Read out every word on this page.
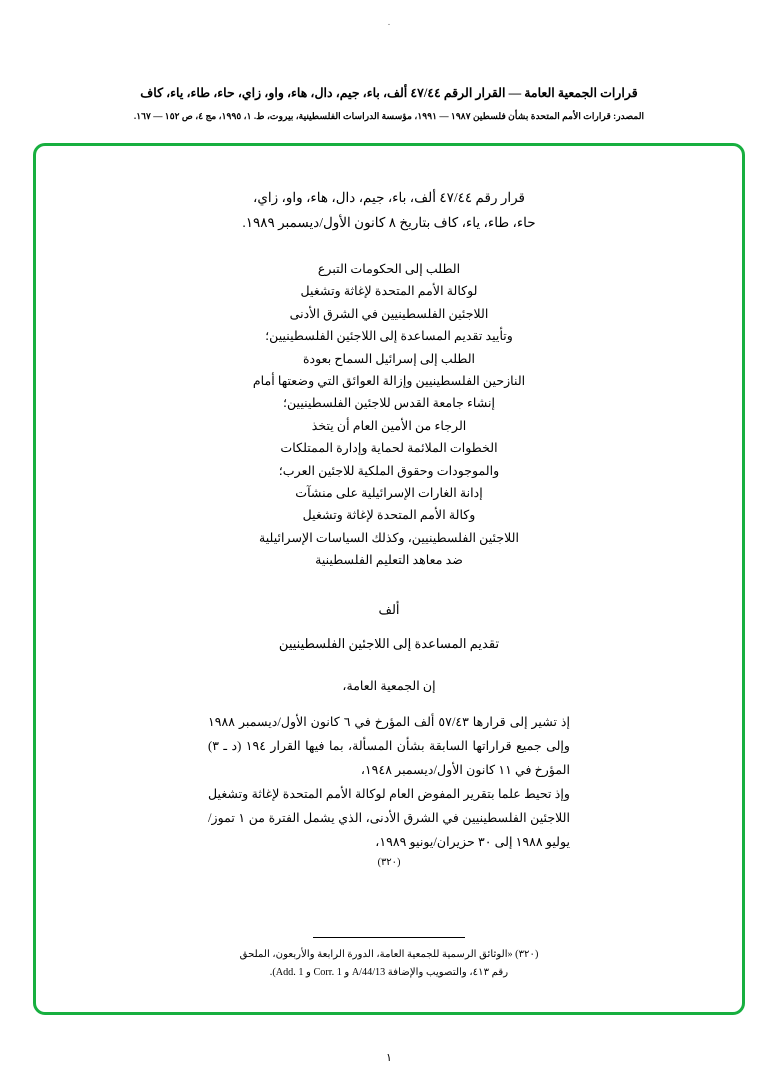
.
قرارات الجمعية العامة — القرار الرقم ٤٧/٤٤ ألف، باء، جيم، دال، هاء، واو، زاي، حاء، طاء، ياء، كاف
المصدر: قرارات الأمم المتحدة بشأن فلسطين ١٩٨٧ — ١٩٩١، مؤسسة الدراسات الفلسطينية، بيروت، ط. ١، ١٩٩٥، مج ٤، ص ١٥٢ — ١٦٧.
قرار رقم ٤٧/٤٤ ألف، باء، جيم، دال، هاء، واو، زاي،
حاء، طاء، ياء، كاف بتاريخ ٨ كانون الأول/ديسمبر ١٩٨٩.
الطلب إلى الحكومات التبرع
لوكالة الأمم المتحدة لإغاثة وتشغيل
اللاجئين الفلسطينيين في الشرق الأدنى
وتأييد تقديم المساعدة إلى اللاجئين الفلسطينيين؛
الطلب إلى إسرائيل السماح بعودة
النازحين الفلسطينيين وإزالة العوائق التي وضعتها أمام
إنشاء جامعة القدس للاجئين الفلسطينيين؛
الرجاء من الأمين العام أن يتخذ
الخطوات الملائمة لحماية وإدارة الممتلكات
والموجودات وحقوق الملكية للاجئين العرب؛
إدانة الغارات الإسرائيلية على منشآت
وكالة الأمم المتحدة لإغاثة وتشغيل
اللاجئين الفلسطينيين، وكذلك السياسات الإسرائيلية
ضد معاهد التعليم الفلسطينية
ألف
تقديم المساعدة إلى اللاجئين الفلسطينيين
إن الجمعية العامة،

إذ تشير إلى قرارها ٥٧/٤٣ ألف المؤرخ في ٦ كانون الأول/ديسمبر ١٩٨٨ وإلى جميع قراراتها السابقة بشأن المسألة، بما فيها القرار ١٩٤ (د ـ ٣) المؤرخ في ١١ كانون الأول/ديسمبر ١٩٤٨،

وإذ تحيط علما بتقرير المفوض العام لوكالة الأمم المتحدة لإغاثة وتشغيل اللاجئين الفلسطينيين في الشرق الأدنى، الذي يشمل الفترة من ١ تموز/يوليو ١٩٨٨ إلى ٣٠ حزيران/يونيو ١٩٨٩،

(٣٢٠)
(٣٢٠) «الوثائق الرسمية للجمعية العامة، الدورة الرابعة والأربعون، الملحق
رقم ٤١٣، والتصويب والإضافة A/44/13 و Corr. 1 و Add. 1).
١
